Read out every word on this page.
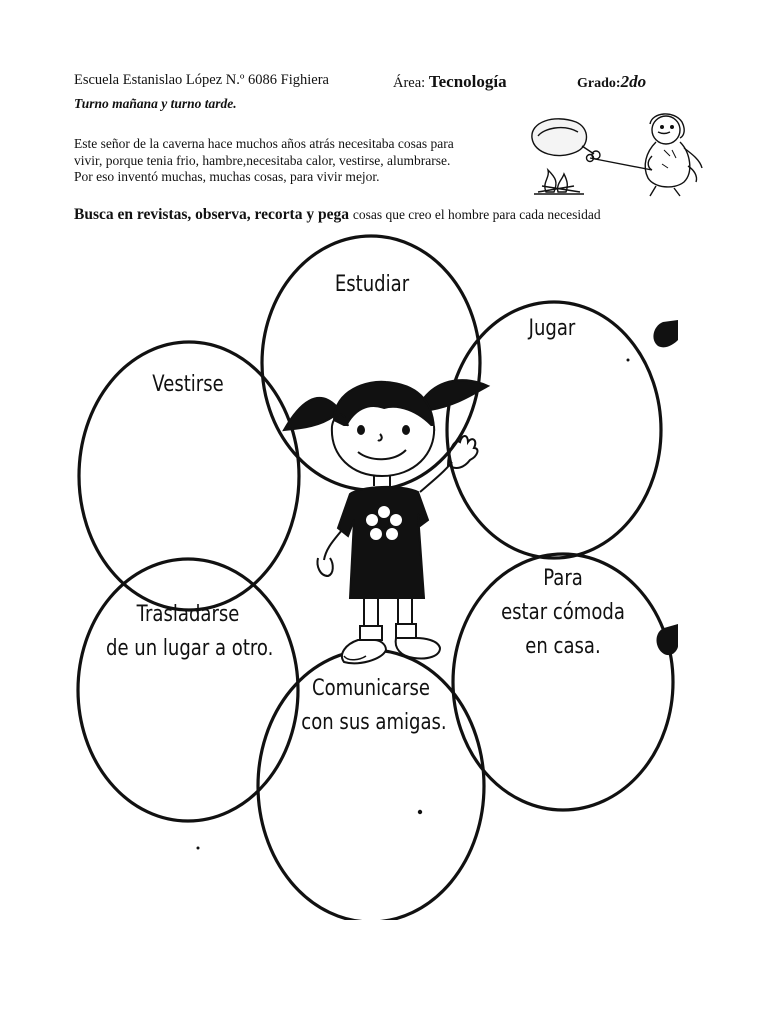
Escuela Estanislao López N.º 6086 Fighiera	Área: Tecnología	Grado:2do
Turno mañana y turno tarde.
Este señor de la caverna hace muchos años atrás necesitaba cosas para
vivir, porque tenia frio, hambre,necesitaba calor, vestirse, alumbrarse.
Por eso inventó muchas, muchas cosas, para vivir mejor.
Busca en revistas, observa, recorta y pega cosas que creo el hombre para cada necesidad
Estudiar
Jugar
Vestirse
Trasladarse
de un lugar a otro.
Para
estar cómoda
en casa.
Comunicarse
con sus amigas.
